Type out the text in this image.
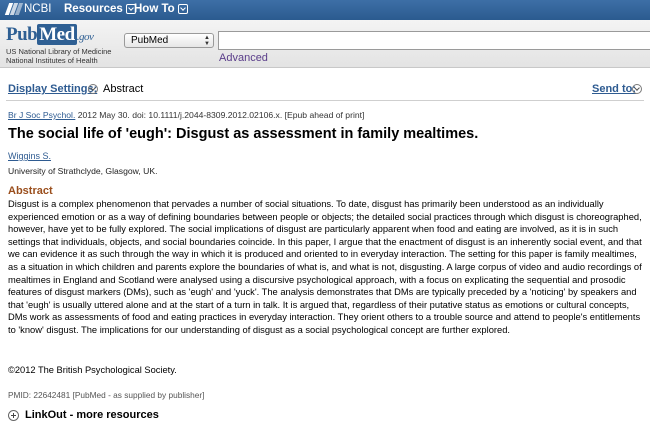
NCBI Resources How To
Pub Med .gov
US National Library of Medicine
National Institutes of Health
PubMed	▲
▼
Advanced
Display Settings: Abstract	Send to:
Br J Soc Psychol. 2012 May 30. doi: 10.1111/j.2044-8309.2012.02106.x. [Epub ahead of print]
The social life of 'eugh': Disgust as assessment in family mealtimes.
Wiggins S.
University of Strathclyde, Glasgow, UK.
Abstract

Disgust is a complex phenomenon that pervades a number of social situations. To date, disgust has primarily been understood as an individually experienced emotion or as a way of defining boundaries between people or objects; the detailed social practices through which disgust is choreographed, however, have yet to be fully explored. The social implications of disgust are particularly apparent when food and eating are involved, as it is in such settings that individuals, objects, and social boundaries coincide. In this paper, I argue that the enactment of disgust is an inherently social event, and that we can evidence it as such through the way in which it is produced and oriented to in everyday interaction. The setting for this paper is family mealtimes, as a situation in which children and parents explore the boundaries of what is, and what is not, disgusting. A large corpus of video and audio recordings of mealtimes in England and Scotland were analysed using a discursive psychological approach, with a focus on explicating the sequential and prosodic features of disgust markers (DMs), such as 'eugh' and 'yuck'. The analysis demonstrates that DMs are typically preceded by a 'noticing' by speakers and that 'eugh' is usually uttered alone and at the start of a turn in talk. It is argued that, regardless of their putative status as emotions or cultural concepts, DMs work as assessments of food and eating practices in everyday interaction. They orient others to a trouble source and attend to people's entitlements to 'know' disgust. The implications for our understanding of disgust as a social psychological concept are further explored.

©2012 The British Psychological Society.
PMID: 22642481 [PubMed - as supplied by publisher]
LinkOut - more resources
